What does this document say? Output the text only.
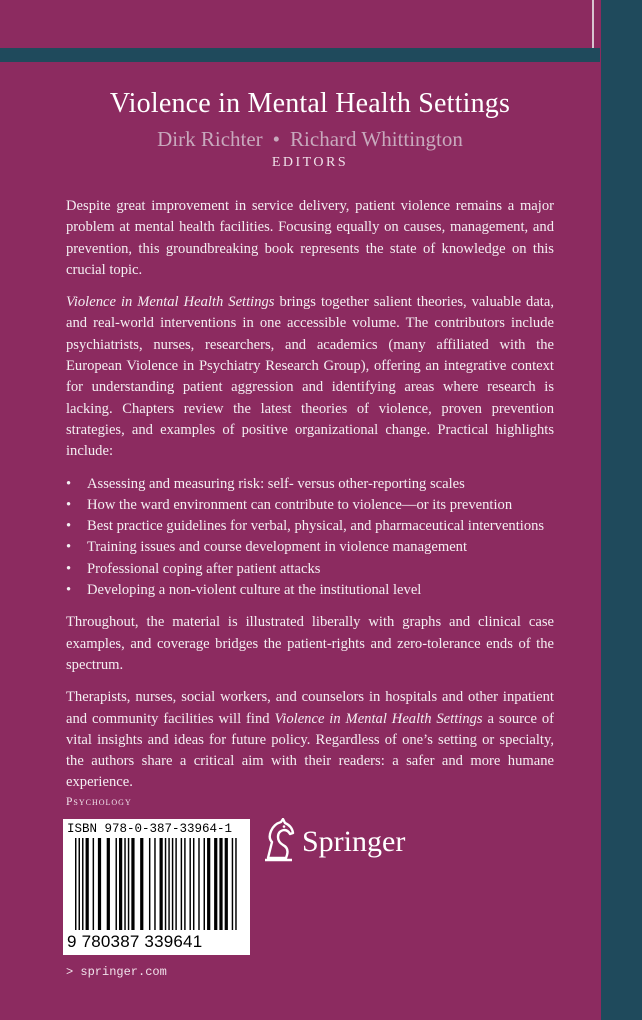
Violence in Mental Health Settings
Dirk Richter • Richard Whittington
EDITORS

Despite great improvement in service delivery, patient violence remains a major problem at mental health facilities. Focusing equally on causes, management, and prevention, this groundbreaking book represents the state of knowledge on this crucial topic.

Violence in Mental Health Settings brings together salient theories, valuable data, and real-world interventions in one accessible volume. The contributors include psychiatrists, nurses, researchers, and academics (many affiliated with the European Violence in Psychiatry Research Group), offering an integrative context for understanding patient aggression and identifying areas where research is lacking. Chapters review the latest theories of violence, proven prevention strategies, and examples of positive organizational change. Practical highlights include:

• Assessing and measuring risk: self- versus other-reporting scales
• How the ward environment can contribute to violence—or its prevention
• Best practice guidelines for verbal, physical, and pharmaceutical interventions
• Training issues and course development in violence management
• Professional coping after patient attacks
• Developing a non-violent culture at the institutional level

Throughout, the material is illustrated liberally with graphs and clinical case examples, and coverage bridges the patient-rights and zero-tolerance ends of the spectrum.

Therapists, nurses, social workers, and counselors in hospitals and other inpatient and community facilities will find Violence in Mental Health Settings a source of vital insights and ideas for future policy. Regardless of one’s setting or specialty, the authors share a critical aim with their readers: a safer and more humane experience.

Psychology
ISBN 978-0-387-33964-1
9 780387 339641
Springer
> springer.com
